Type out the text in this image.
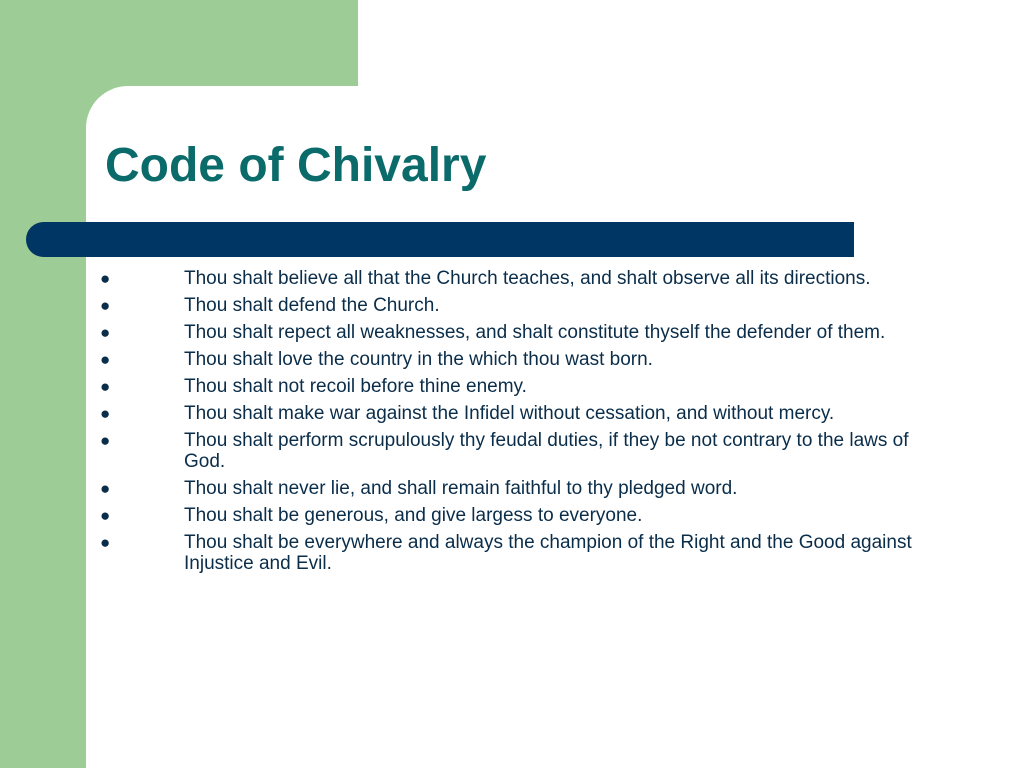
Code of Chivalry
●	Thou shalt believe all that the Church teaches, and shalt observe all its directions.
●	Thou shalt defend the Church.
●	Thou shalt repect all weaknesses, and shalt constitute thyself the defender of them.
●	Thou shalt love the country in the which thou wast born.
●	Thou shalt not recoil before thine enemy.
●	Thou shalt make war against the Infidel without cessation, and without mercy.
●	Thou shalt perform scrupulously thy feudal duties, if they be not contrary to the laws of God.
●	Thou shalt never lie, and shall remain faithful to thy pledged word.
●	Thou shalt be generous, and give largess to everyone.
●	Thou shalt be everywhere and always the champion of the Right and the Good against Injustice and Evil.
